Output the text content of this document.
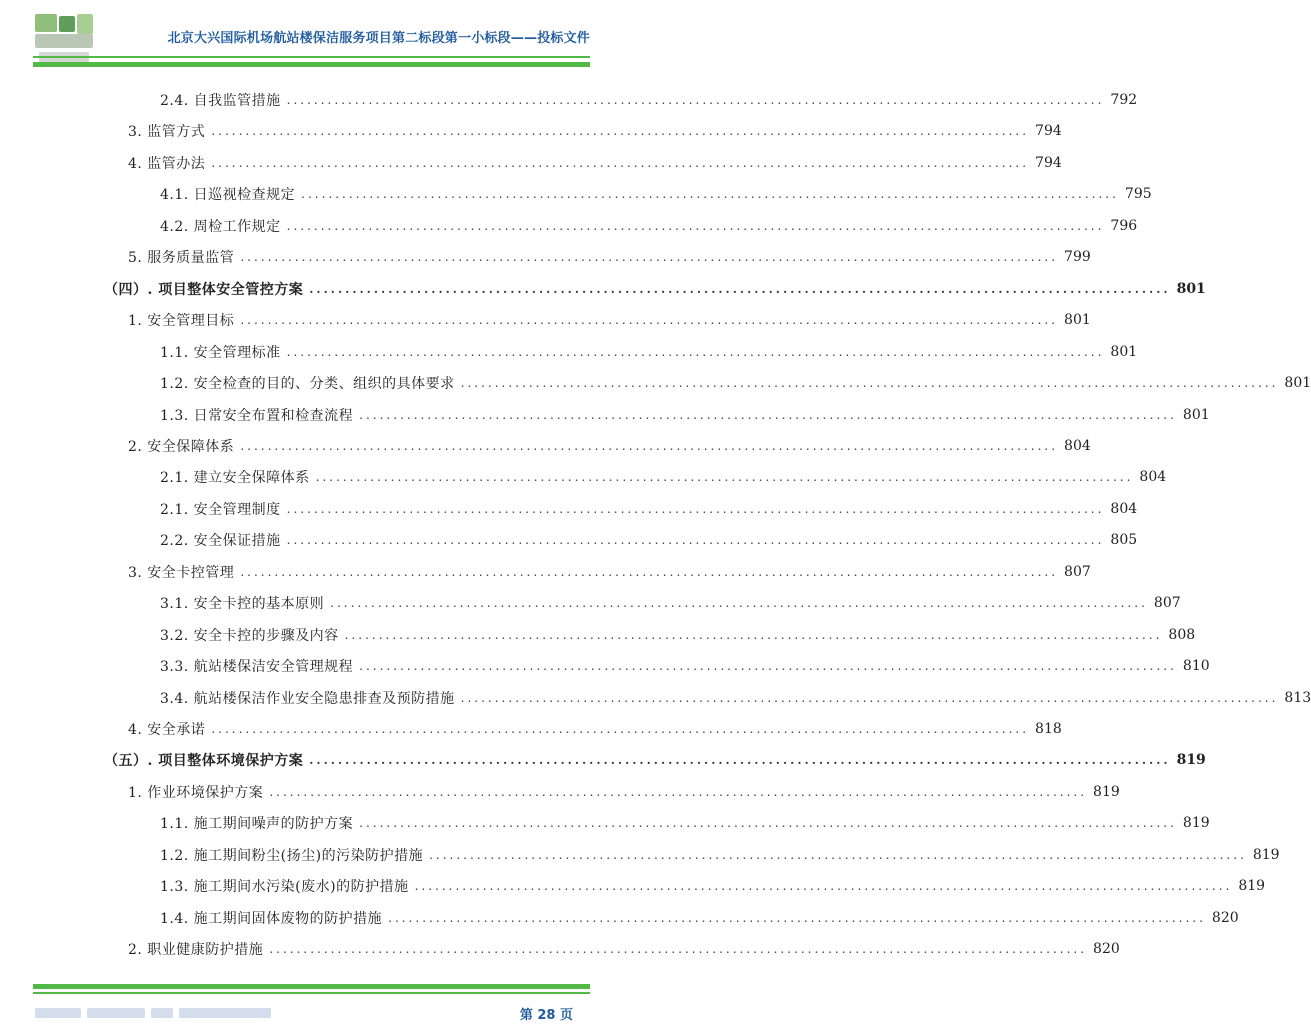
北京大兴国际机场航站楼保洁服务项目第二标段第一小标段——投标文件
2.4. 自我监管措施 ........................................................................................................................ 792
3. 监管方式 ........................................................................................................................ 794
4. 监管办法 ........................................................................................................................ 794
4.1. 日巡视检查规定 ........................................................................................................................ 795
4.2. 周检工作规定 ........................................................................................................................ 796
5. 服务质量监管 ........................................................................................................................ 799
（四）. 项目整体安全管控方案 ........................................................................................................................ 801
1. 安全管理目标 ........................................................................................................................ 801
1.1. 安全管理标准 ........................................................................................................................ 801
1.2. 安全检查的目的、分类、组织的具体要求 ........................................................................................................................ 801
1.3. 日常安全布置和检查流程 ........................................................................................................................ 801
2. 安全保障体系 ........................................................................................................................ 804
2.1. 建立安全保障体系 ........................................................................................................................ 804
2.1. 安全管理制度 ........................................................................................................................ 804
2.2. 安全保证措施 ........................................................................................................................ 805
3. 安全卡控管理 ........................................................................................................................ 807
3.1. 安全卡控的基本原则 ........................................................................................................................ 807
3.2. 安全卡控的步骤及内容 ........................................................................................................................ 808
3.3. 航站楼保洁安全管理规程 ........................................................................................................................ 810
3.4. 航站楼保洁作业安全隐患排查及预防措施 ........................................................................................................................ 813
4. 安全承诺 ........................................................................................................................ 818
（五）. 项目整体环境保护方案 ........................................................................................................................ 819
1. 作业环境保护方案 ........................................................................................................................ 819
1.1. 施工期间噪声的防护方案 ........................................................................................................................ 819
1.2. 施工期间粉尘(扬尘)的污染防护措施 ........................................................................................................................ 819
1.3. 施工期间水污染(废水)的防护措施 ........................................................................................................................ 819
1.4. 施工期间固体废物的防护措施 ........................................................................................................................ 820
2. 职业健康防护措施 ........................................................................................................................ 820
第 28 页
